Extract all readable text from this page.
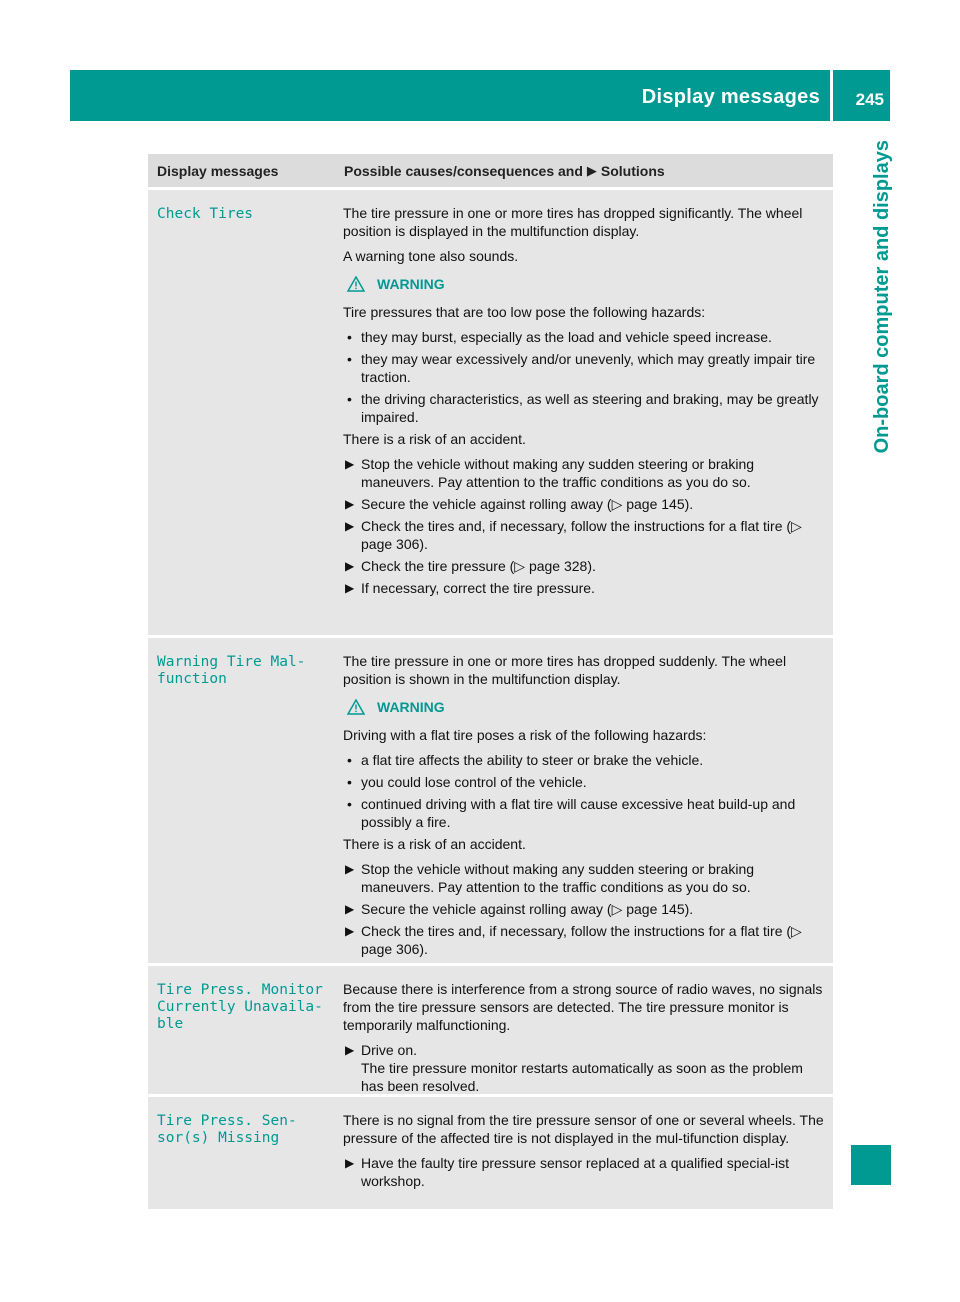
Display messages 245
On-board computer and displays
Display messages	Possible causes/consequences and ▶ Solutions
Check Tires	The tire pressure in one or more tires has dropped significantly. The wheel position is displayed in the multifunction display.

A warning tone also sounds.

WARNING

Tire pressures that are too low pose the following hazards:

• they may burst, especially as the load and vehicle speed increase.
• they may wear excessively and/or unevenly, which may greatly impair tire traction.
• the driving characteristics, as well as steering and braking, may be greatly impaired.

There is a risk of an accident.

▶ Stop the vehicle without making any sudden steering or braking maneuvers. Pay attention to the traffic conditions as you do so.
▶ Secure the vehicle against rolling away (▷ page 145).
▶ Check the tires and, if necessary, follow the instructions for a flat tire (▷ page 306).
▶ Check the tire pressure (▷ page 328).
▶ If necessary, correct the tire pressure.
Warning Tire Mal‐
function

The tire pressure in one or more tires has dropped suddenly. The wheel position is shown in the multifunction display.

WARNING

Driving with a flat tire poses a risk of the following hazards:

• a flat tire affects the ability to steer or brake the vehicle.
• you could lose control of the vehicle.
• continued driving with a flat tire will cause excessive heat build-up and possibly a fire.

There is a risk of an accident.

▶ Stop the vehicle without making any sudden steering or braking maneuvers. Pay attention to the traffic conditions as you do so.
▶ Secure the vehicle against rolling away (▷ page 145).
▶ Check the tires and, if necessary, follow the instructions for a flat tire (▷ page 306).
Tire Press. Monitor
Currently Unavaila‐
ble

Because there is interference from a strong source of radio waves, no signals from the tire pressure sensors are detected. The tire pressure monitor is temporarily malfunctioning.

▶ Drive on.
The tire pressure monitor restarts automatically as soon as the problem has been resolved.
Tire Press. Sen‐
sor(s) Missing

There is no signal from the tire pressure sensor of one or several wheels. The pressure of the affected tire is not displayed in the mul-tifunction display.

▶ Have the faulty tire pressure sensor replaced at a qualified special-ist workshop.
